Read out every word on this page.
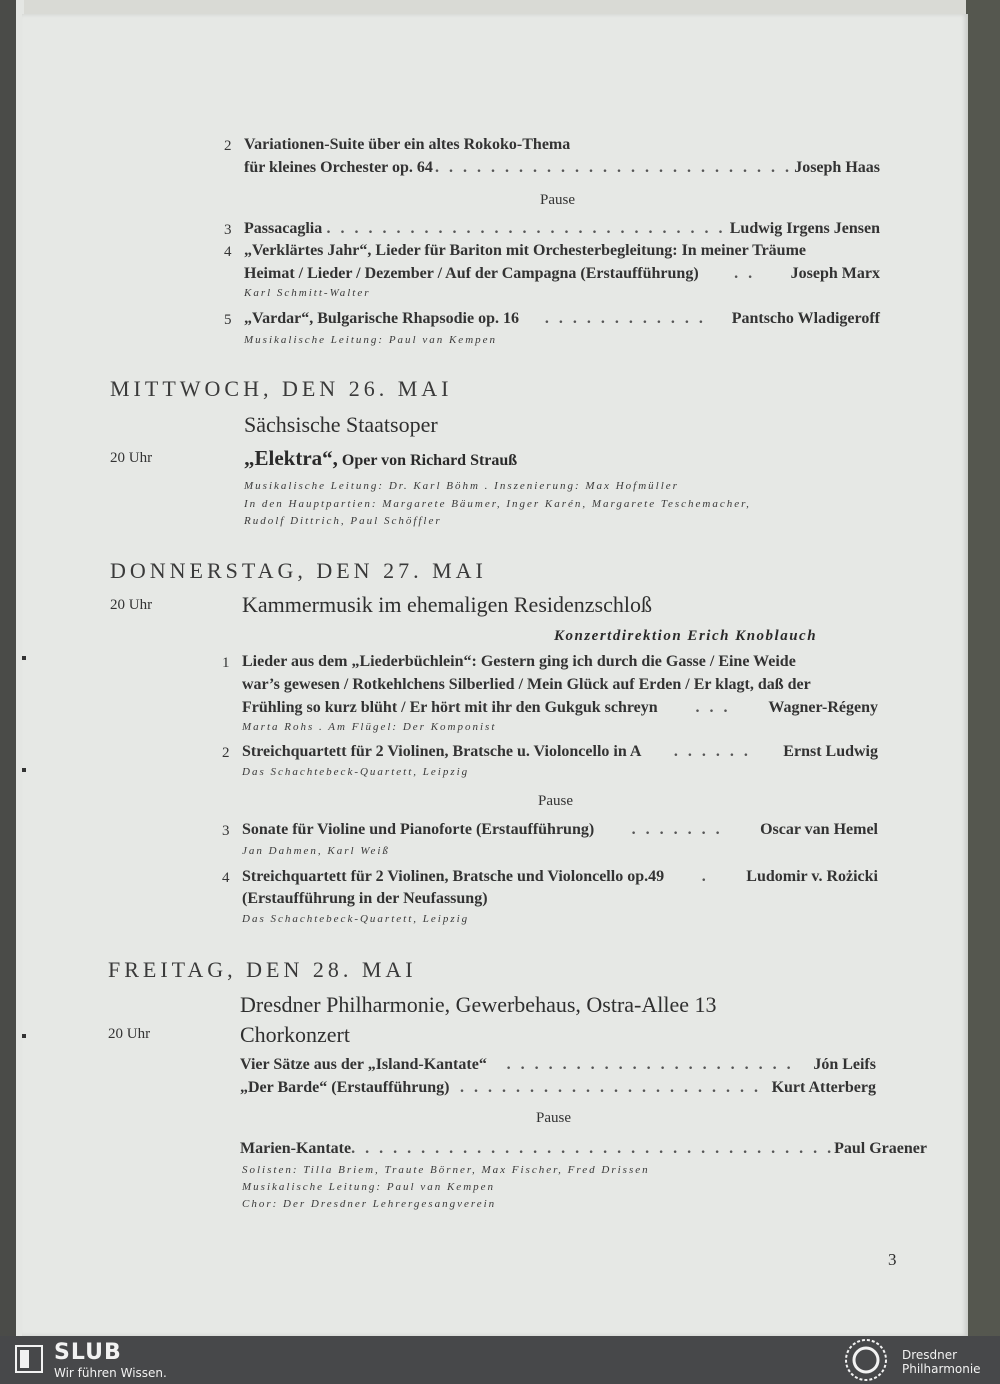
2 Variationen-Suite über ein altes Rokoko-Thema
für kleines Orchester op. 64 . . . . . . . . . . . . . . . . . . . . . . . . . . Joseph Haas
Pause
3 Passacaglia . . . . . . . . . . . . . . . . . . . . . . . . . . . . . Ludwig Irgens Jensen
4 „Verklärtes Jahr“, Lieder für Bariton mit Orchesterbegleitung: In meiner Träume
Heimat / Lieder / Dezember / Auf der Campagna (Erstaufführung) . . Joseph Marx
Karl Schmitt-Walter
5 „Vardar“, Bulgarische Rhapsodie op. 16 . . . . . . . . . . . . Pantscho Wladigeroff
Musikalische Leitung: Paul van Kempen
MITTWOCH, DEN 26. MAI
Sächsische Staatsoper
20 Uhr	„Elektra“, Oper von Richard Strauß
Musikalische Leitung: Dr. Karl Böhm . Inszenierung: Max Hofmüller
In den Hauptpartien: Margarete Bäumer, Inger Karén, Margarete Teschemacher,
Rudolf Dittrich, Paul Schöffler
DONNERSTAG, DEN 27. MAI
20 Uhr	Kammermusik im ehemaligen Residenzschloß
Konzertdirektion Erich Knoblauch
1 Lieder aus dem „Liederbüchlein“: Gestern ging ich durch die Gasse / Eine Weide
war’s gewesen / Rotkehlchens Silberlied / Mein Glück auf Erden / Er klagt, daß der
Frühling so kurz blüht / Er hört mit ihr den Gukguk schreyn . . . Wagner-Régeny
Marta Rohs . Am Flügel: Der Komponist
2 Streichquartett für 2 Violinen, Bratsche u. Violoncello in A . . . . . . Ernst Ludwig
Das Schachtebeck-Quartett, Leipzig
Pause
3 Sonate für Violine und Pianoforte (Erstaufführung) . . . . . . . Oscar van Hemel
Jan Dahmen, Karl Weiß
4 Streichquartett für 2 Violinen, Bratsche und Violoncello op.49 . Ludomir v. Rożicki
(Erstaufführung in der Neufassung)
Das Schachtebeck-Quartett, Leipzig
FREITAG, DEN 28. MAI
Dresdner Philharmonie, Gewerbehaus, Ostra-Allee 13
20 Uhr	Chorkonzert
Vier Sätze aus der „Island-Kantate“ . . . . . . . . . . . . . . . . . . . . . Jón Leifs
„Der Barde“ (Erstaufführung) . . . . . . . . . . . . . . . . . . . . . . Kurt Atterberg
Pause
Marien-Kantate . . . . . . . . . . . . . . . . . . . . . . . . . . . . . . . . . . . Paul Graener
Solisten: Tilla Briem, Traute Börner, Max Fischer, Fred Drissen
Musikalische Leitung: Paul van Kempen
Chor: Der Dresdner Lehrergesangverein
3
SLUB
Wir führen Wissen.
Dresdner
Philharmonie
